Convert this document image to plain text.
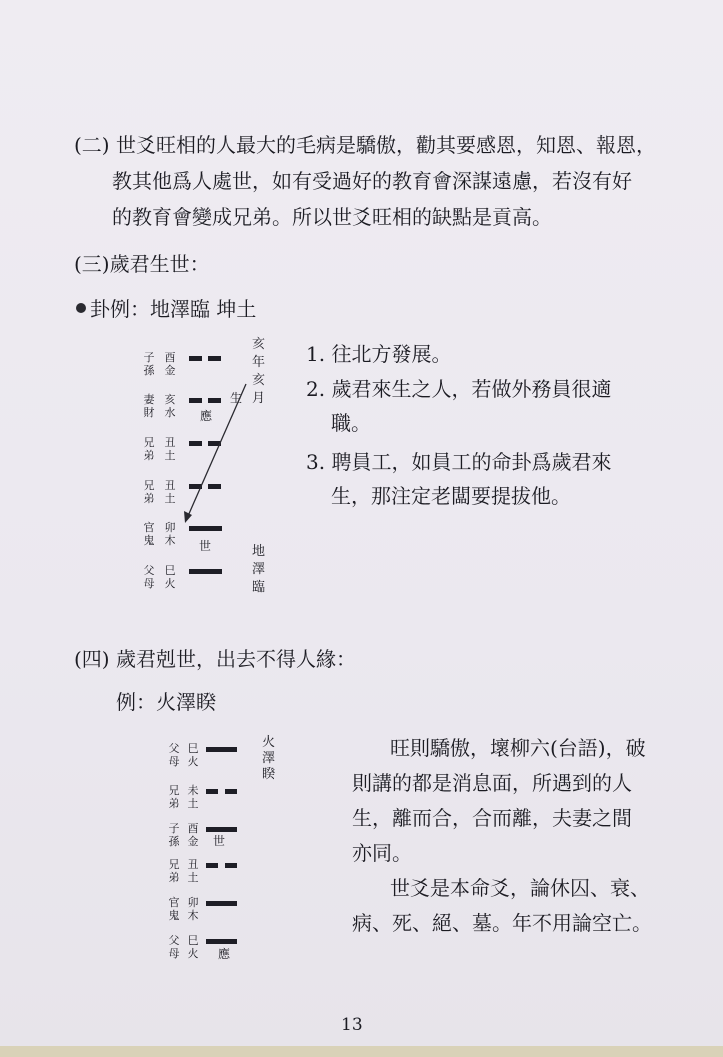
(二) 世爻旺相的人最大的毛病是驕傲，勸其要感恩，知恩、報恩，
教其他爲人處世，如有受過好的教育會深謀遠慮，若沒有好
的教育會變成兄弟。所以世爻旺相的缺點是貢高。
(三)歲君生世：
卦例：地澤臨 坤土
子孫
酉金
妻財
亥水 應
兄弟
丑土
兄弟
丑土
官鬼
卯木 世
父母
巳火
亥年亥月
生
地澤臨
1. 往北方發展。
2. 歲君來生之人，若做外務員很適
職。
3. 聘員工，如員工的命卦爲歲君來
生，那注定老闆要提拔他。
(四) 歲君剋世，出去不得人緣：
例：火澤睽
父母
巳火
兄弟
未土
子孫
酉金 世
兄弟
丑土
官鬼
卯木
父母
巳火 應
火澤睽
旺則驕傲，壞柳六(台語)，破
則講的都是消息面，所遇到的人
生，離而合，合而離，夫妻之間
亦同。
世爻是本命爻，論休囚、衰、
病、死、絕、墓。年不用論空亡。
13
